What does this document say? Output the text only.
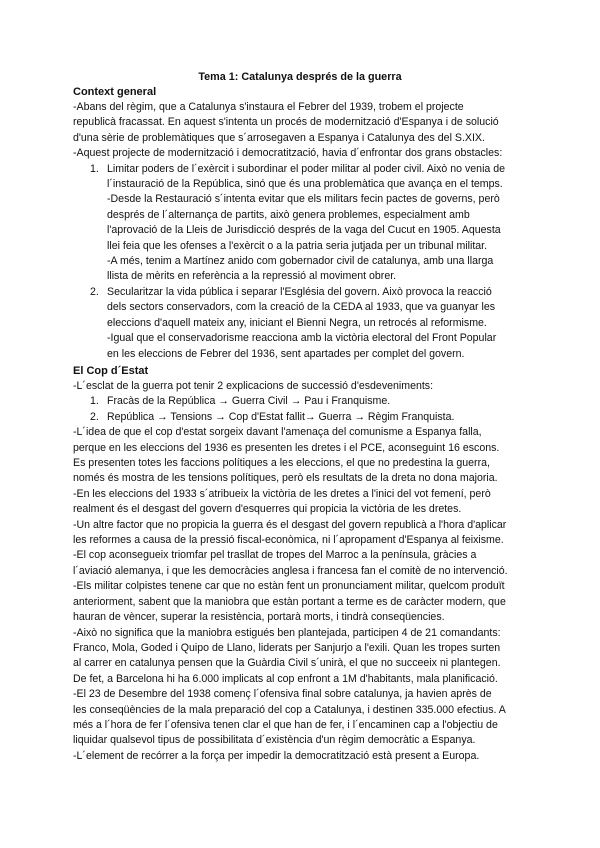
Tema 1: Catalunya després de la guerra
Context general

-Abans del règim, que a Catalunya s'instaura el Febrer del 1939, trobem el projecte

republicà fracassat. En aquest s'intenta un procés de modernització d'Espanya i de solució

d'una sèrie de problemàtiques que s´arrosegaven a Espanya i Catalunya des del S.XIX.

-Aquest projecte de modernització i democratització, havia d´enfrontar dos grans obstacles:

1. Limitar poders de l´exèrcit i subordinar el poder militar al poder civil. Això no venia de

l´instauració de la República, sinó que és una problemàtica que avança en el temps.

-Desde la Restauració s´intenta evitar que els militars fecin pactes de governs, però

després de l´alternança de partits, això genera problemes, especialment amb

l'aprovació de la Lleis de Jurisdicció després de la vaga del Cucut en 1905. Aquesta

llei feia que les ofenses a l'exèrcit o a la patria seria jutjada per un tribunal militar.

-A més, tenim a Martínez anido com gobernador civil de catalunya, amb una llarga

llista de mèrits en referència a la repressió al moviment obrer.

2. Secularitzar la vida pública i separar l'Església del govern. Això provoca la reacció

dels sectors conservadors, com la creació de la CEDA al 1933, que va guanyar les

eleccions d'aquell mateix any, iniciant el Bienni Negra, un retrocés al reformisme.

-Igual que el conservadorisme reacciona amb la victòria electoral del Front Popular

en les eleccions de Febrer del 1936, sent apartades per complet del govern.

El Cop d´Estat

-L´esclat de la guerra pot tenir 2 explicacions de successió d'esdeveniments:

1. Fracàs de la República → Guerra Civil → Pau i Franquisme.

2. República → Tensions → Cop d'Estat fallit→ Guerra → Règim Franquista.

-L´idea de que el cop d'estat sorgeix davant l'amenaça del comunisme a Espanya falla,

perque en les eleccions del 1936 es presenten les dretes i el PCE, aconseguint 16 escons.

Es presenten totes les faccions polítiques a les eleccions, el que no predestina la guerra,

només és mostra de les tensions polítiques, però els resultats de la dreta no dona majoria.

-En les eleccions del 1933 s´atribueix la victòria de les dretes a l'inici del vot femení, però

realment és el desgast del govern d'esquerres qui propicia la victòria de les dretes.

-Un altre factor que no propicia la guerra és el desgast del govern republicà a l'hora d'aplicar

les reformes a causa de la pressió fiscal-econòmica, ni l´apropament d'Espanya al feixisme.

-El cop aconsegueix triomfar pel trasllat de tropes del Marroc a la península, gràcies a

l´aviació alemanya, i que les democràcies anglesa i francesa fan el comitè de no intervenció.

-Els militar colpistes tenene car que no estàn fent un pronunciament militar, quelcom produït

anteriorment, sabent que la maniobra que estàn portant a terme es de caràcter modern, que

hauran de vèncer, superar la resistència, portarà morts, i tindrà conseqüencies.

-Això no significa que la maniobra estigués ben plantejada, participen 4 de 21 comandants:

Franco, Mola, Goded i Quipo de Llano, liderats per Sanjurjo a l'exili. Quan les tropes surten

al carrer en catalunya pensen que la Guàrdia Civil s´unirà, el que no succeeix ni plantegen.

De fet, a Barcelona hi ha 6.000 implicats al cop enfront a 1M d'habitants, mala planificació.

-El 23 de Desembre del 1938 començ l´ofensiva final sobre catalunya, ja havien après de

les conseqüències de la mala preparació del cop a Catalunya, i destinen 335.000 efectius. A

més a l´hora de fer l´ofensiva tenen clar el que han de fer, i l´encaminen cap a l'objectiu de

liquidar qualsevol tipus de possibilitata d´existència d'un règim democràtic a Espanya.

-L´element de recórrer a la força per impedir la democratització està present a Europa.
